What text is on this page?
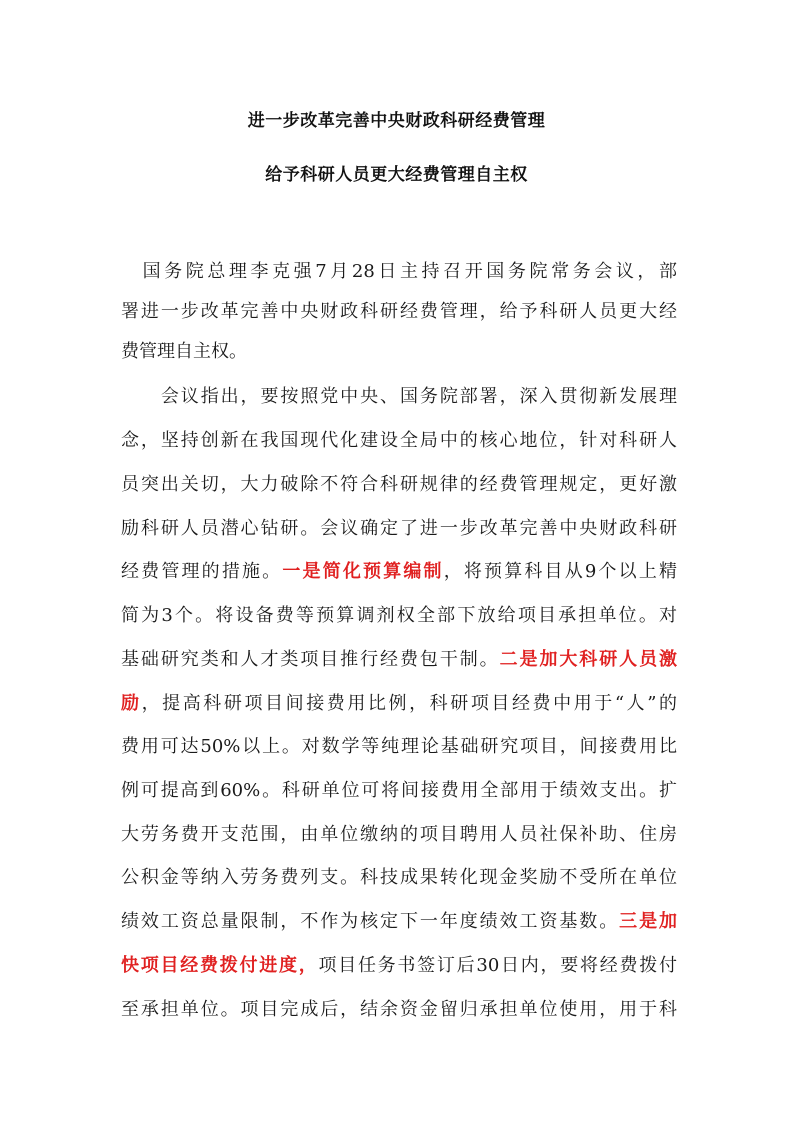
进一步改革完善中央财政科研经费管理
给予科研人员更大经费管理自主权
　国务院总理李克强7月28日主持召开国务院常务会议，部
署进一步改革完善中央财政科研经费管理，给予科研人员更大经
费管理自主权。
　　会议指出，要按照党中央、国务院部署，深入贯彻新发展理
念，坚持创新在我国现代化建设全局中的核心地位，针对科研人
员突出关切，大力破除不符合科研规律的经费管理规定，更好激
励科研人员潜心钻研。会议确定了进一步改革完善中央财政科研
经费管理的措施。一是简化预算编制，将预算科目从9个以上精
简为3个。将设备费等预算调剂权全部下放给项目承担单位。对
基础研究类和人才类项目推行经费包干制。二是加大科研人员激
励，提高科研项目间接费用比例，科研项目经费中用于“人”的
费用可达50%以上。对数学等纯理论基础研究项目，间接费用比
例可提高到60%。科研单位可将间接费用全部用于绩效支出。扩
大劳务费开支范围，由单位缴纳的项目聘用人员社保补助、住房
公积金等纳入劳务费列支。科技成果转化现金奖励不受所在单位
绩效工资总量限制，不作为核定下一年度绩效工资基数。三是加
快项目经费拨付进度，项目任务书签订后30日内，要将经费拨付
至承担单位。项目完成后，结余资金留归承担单位使用，用于科
